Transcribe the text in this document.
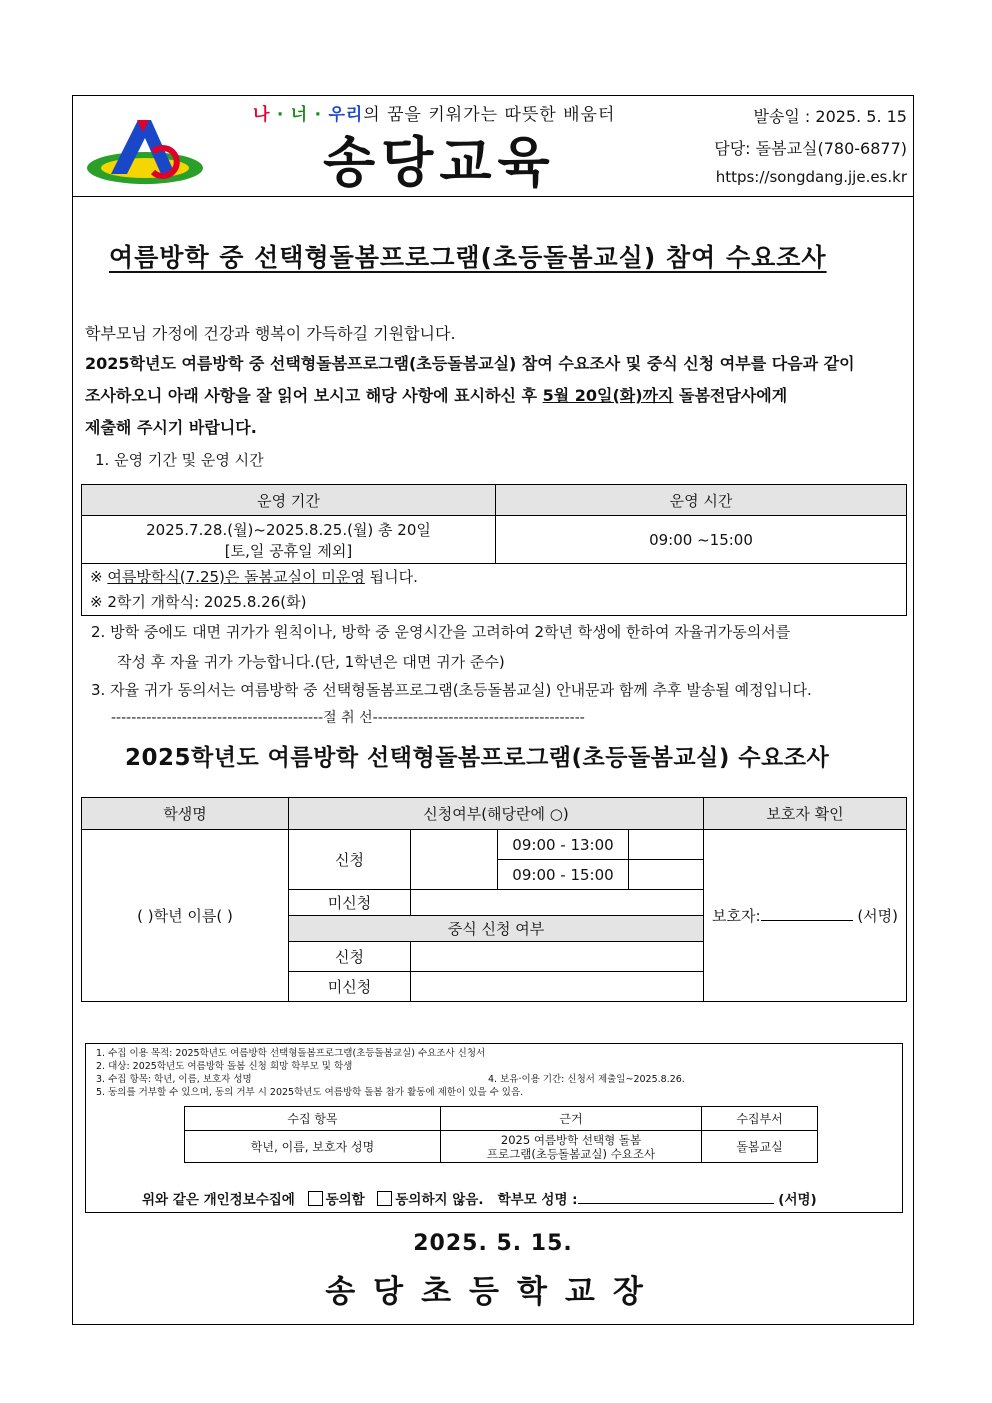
나 · 너 · 우리의 꿈을 키워가는 따뜻한 배움터
송당교육
발송일 : 2025. 5. 15
담당: 돌봄교실(780-6877)
https://songdang.jje.es.kr
여름방학 중 선택형돌봄프로그램(초등돌봄교실) 참여 수요조사
학부모님 가정에 건강과 행복이 가득하길 기원합니다.
2025학년도 여름방학 중 선택형돌봄프로그램(초등돌봄교실) 참여 수요조사 및 중식 신청 여부를 다음과 같이
조사하오니 아래 사항을 잘 읽어 보시고 해당 사항에 표시하신 후 5월 20일(화)까지 돌봄전담사에게
제출해 주시기 바랍니다.
1. 운영 기간 및 운영 시간
운영 기간	운영 시간

2025.7.28.(월)~2025.8.25.(월) 총 20일
[토,일 공휴일 제외]	09:00 ~15:00

※ 여름방학식(7.25)은 돌봄교실이 미운영 됩니다.
※ 2학기 개학식: 2025.8.26(화)	
2. 방학 중에도 대면 귀가가 원칙이나, 방학 중 운영시간을 고려하여 2학년 학생에 한하여 자율귀가동의서를
작성 후 자율 귀가 가능합니다.(단, 1학년은 대면 귀가 준수)
3. 자율 귀가 동의서는 여름방학 중 선택형돌봄프로그램(초등돌봄교실) 안내문과 함께 추후 발송될 예정입니다.
------------------------------------------절 취 선------------------------------------------
2025학년도 여름방학 선택형돌봄프로그램(초등돌봄교실) 수요조사
학생명	신청여부(해당란에 ○)				보호자 확인
( )학년 이름( )	신청		09:00 - 13:00		보호자: (서명)
			09:00 - 15:00		
	미신청				
	중식 신청 여부				
	신청				
	미신청				
1. 수집 이용 목적: 2025학년도 여름방학 선택형돌봄프로그램(초등돌봄교실) 수요조사 신청서
2. 대상: 2025학년도 여름방학 돌봄 신청 희망 학부모 및 학생
3. 수집 항목: 학년, 이름, 보호자 성명	4. 보유·이용 기간: 신청서 제출일~2025.8.26.
5. 동의를 거부할 수 있으며, 동의 거부 시 2025학년도 여름방학 돌봄 참가 활동에 제한이 있을 수 있음.
수집 항목	근거	수집부서
학년, 이름, 보호자 성명	2025 여름방학 선택형 돌봄
프로그램(초등돌봄교실) 수요조사	돌봄교실
위와 같은 개인정보수집에 동의함 동의하지 않음. 학부모 성명 :	(서명)
2025. 5. 15.
송당초등학교장
